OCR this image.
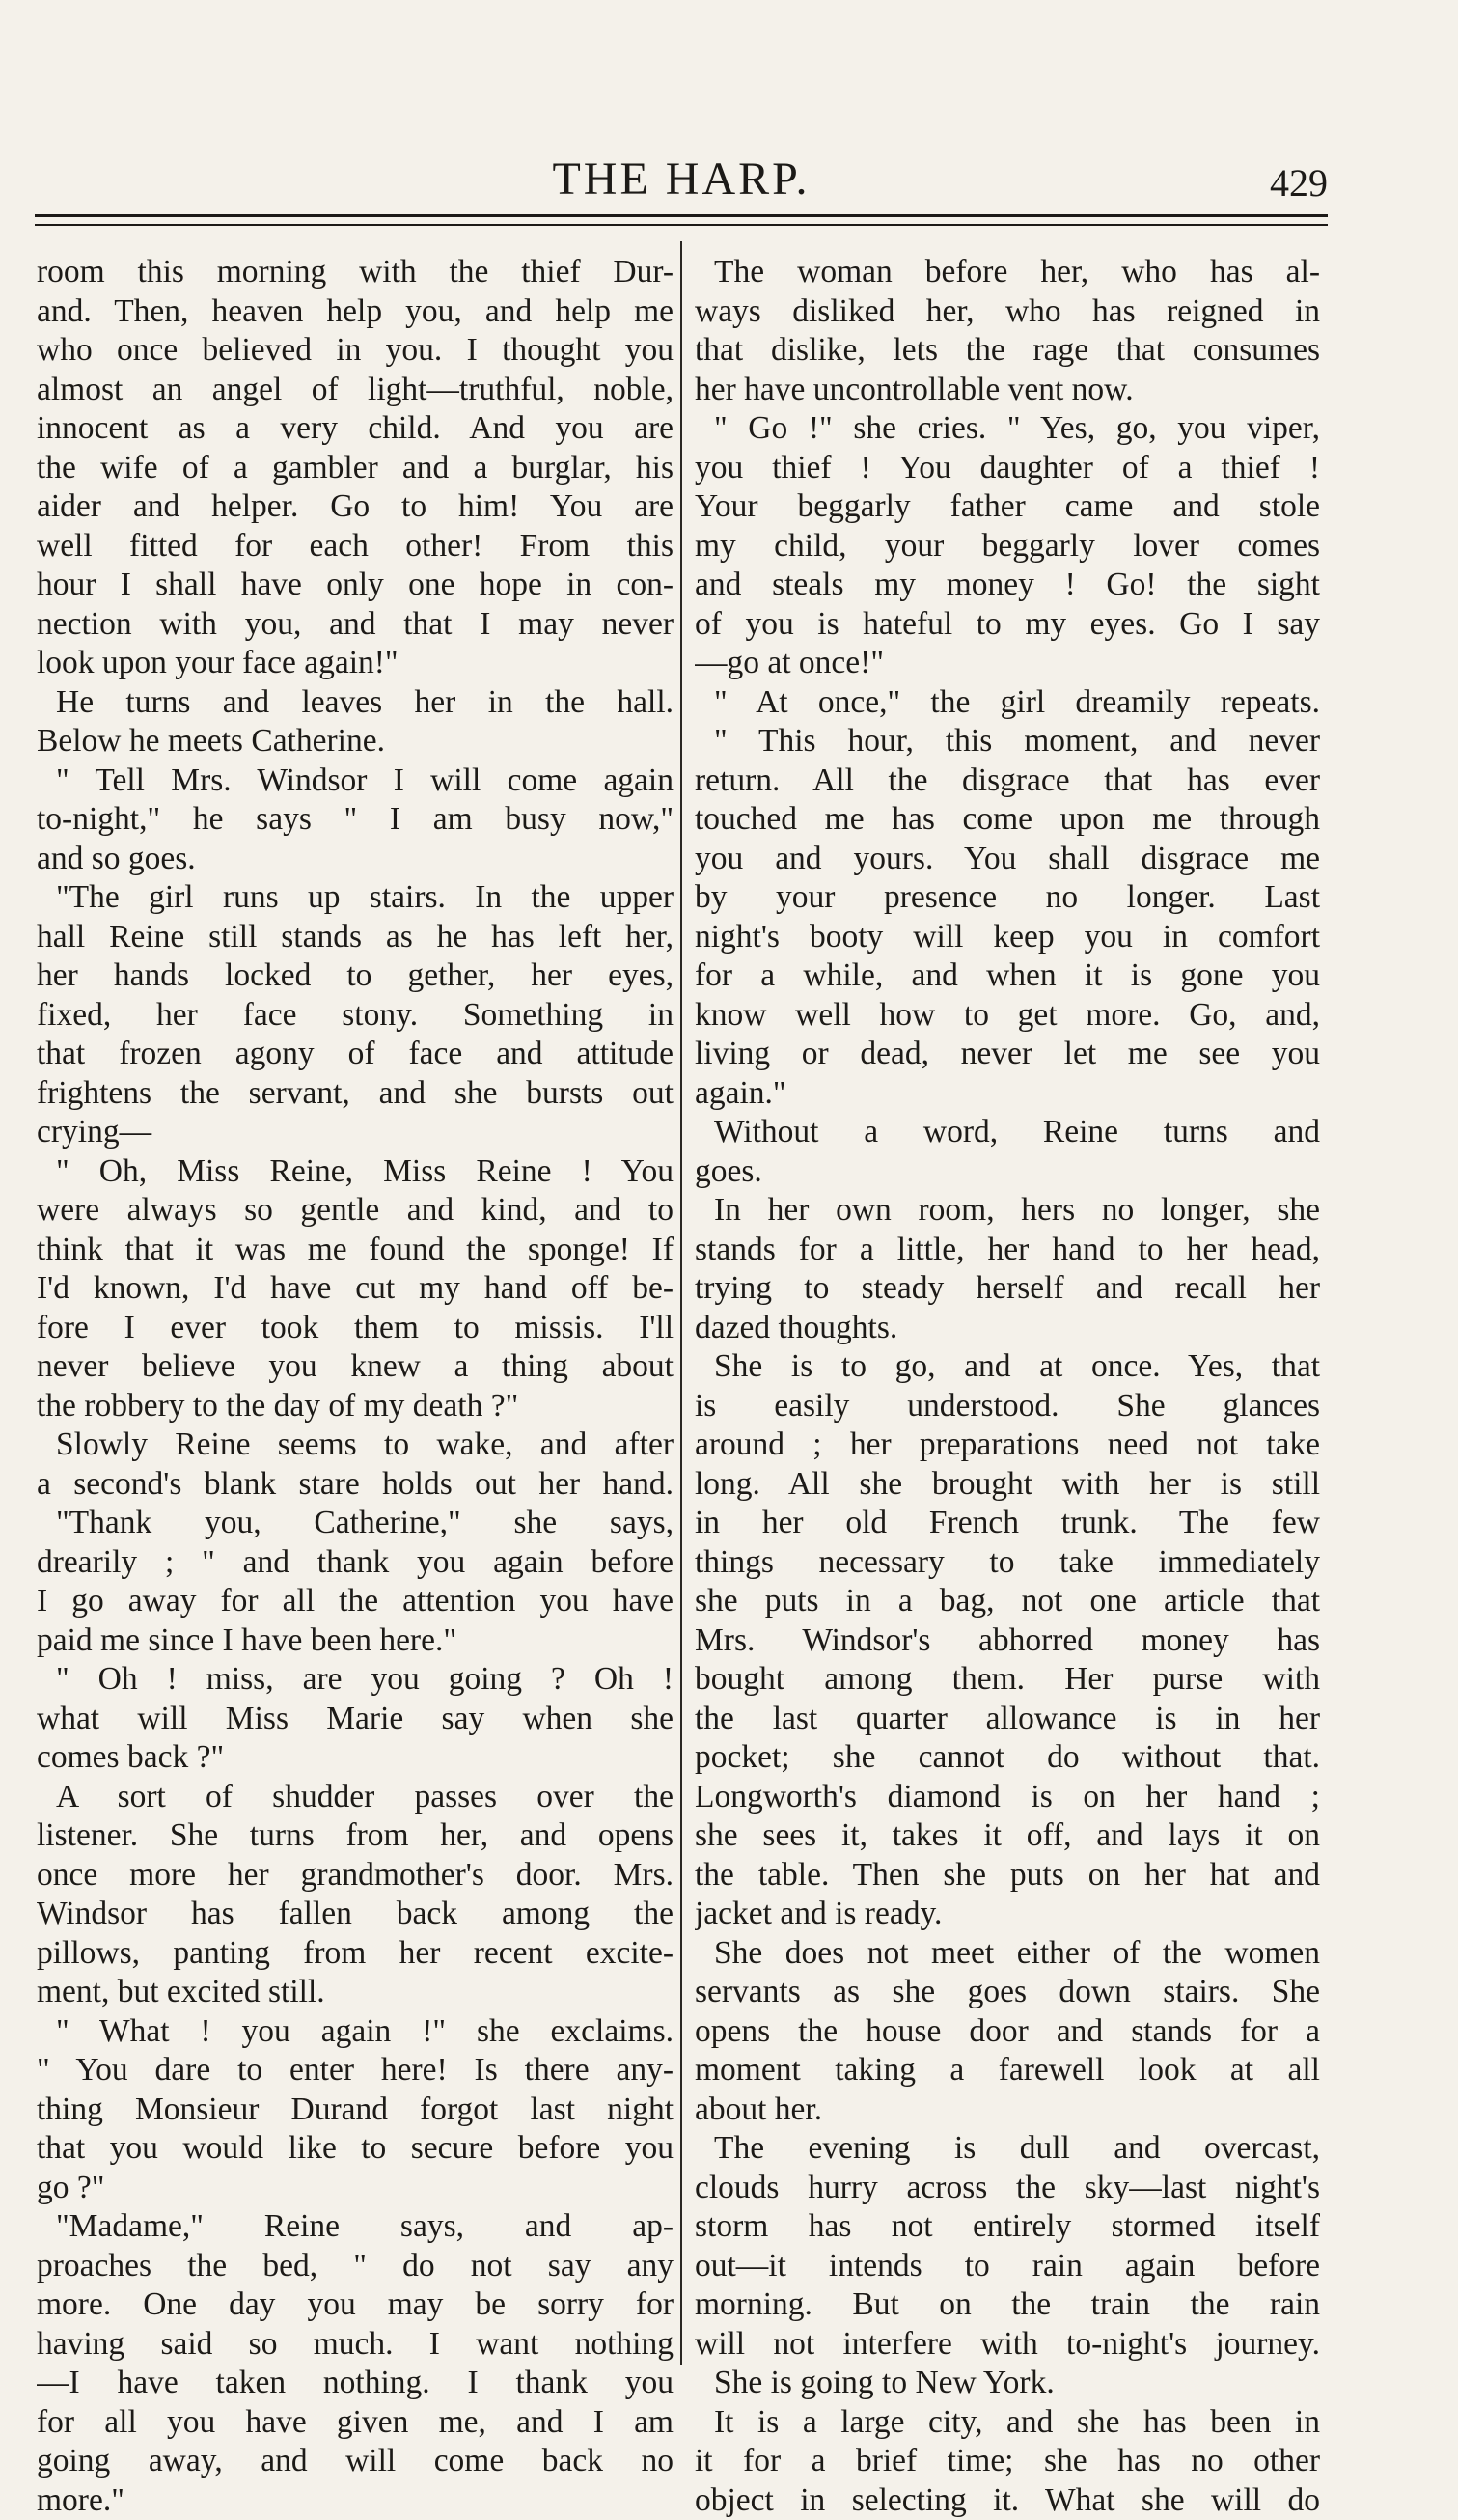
THE HARP.	429
room this morning with the thief Dur-
and. Then, heaven help you, and help me
who once believed in you. I thought you
almost an angel of light—truthful, noble,
innocent as a very child. And you are
the wife of a gambler and a burglar, his
aider and helper. Go to him! You are
well fitted for each other! From this
hour I shall have only one hope in con-
nection with you, and that I may never
look upon your face again!"
He turns and leaves her in the hall.
Below he meets Catherine.
" Tell Mrs. Windsor I will come again
to-night," he says " I am busy now,"
and so goes.
"The girl runs up stairs. In the upper
hall Reine still stands as he has left her,
her hands locked to gether, her eyes,
fixed, her face stony. Something in
that frozen agony of face and attitude
frightens the servant, and she bursts out
crying—
" Oh, Miss Reine, Miss Reine ! You
were always so gentle and kind, and to
think that it was me found the sponge! If
I'd known, I'd have cut my hand off be-
fore I ever took them to missis. I'll
never believe you knew a thing about
the robbery to the day of my death ?"
Slowly Reine seems to wake, and after
a second's blank stare holds out her hand.
"Thank you, Catherine," she says,
drearily ; " and thank you again before
I go away for all the attention you have
paid me since I have been here."
" Oh ! miss, are you going ? Oh !
what will Miss Marie say when she
comes back ?"
A sort of shudder passes over the
listener. She turns from her, and opens
once more her grandmother's door. Mrs.
Windsor has fallen back among the
pillows, panting from her recent excite-
ment, but excited still.
" What ! you again !" she exclaims.
" You dare to enter here! Is there any-
thing Monsieur Durand forgot last night
that you would like to secure before you
go ?"
"Madame," Reine says, and ap-
proaches the bed, " do not say any
more. One day you may be sorry for
having said so much. I want nothing
—I have taken nothing. I thank you
for all you have given me, and I am
going away, and will come back no
more."
The woman before her, who has al-
ways disliked her, who has reigned in
that dislike, lets the rage that consumes
her have uncontrollable vent now.
" Go !" she cries. " Yes, go, you viper,
you thief ! You daughter of a thief !
Your beggarly father came and stole
my child, your beggarly lover comes
and steals my money ! Go! the sight
of you is hateful to my eyes. Go I say
—go at once!"
" At once," the girl dreamily repeats.
" This hour, this moment, and never
return. All the disgrace that has ever
touched me has come upon me through
you and yours. You shall disgrace me
by your presence no longer. Last
night's booty will keep you in comfort
for a while, and when it is gone you
know well how to get more. Go, and,
living or dead, never let me see you
again."
Without a word, Reine turns and
goes.
In her own room, hers no longer, she
stands for a little, her hand to her head,
trying to steady herself and recall her
dazed thoughts.
She is to go, and at once. Yes, that
is easily understood. She glances
around ; her preparations need not take
long. All she brought with her is still
in her old French trunk. The few
things necessary to take immediately
she puts in a bag, not one article that
Mrs. Windsor's abhorred money has
bought among them. Her purse with
the last quarter allowance is in her
pocket; she cannot do without that.
Longworth's diamond is on her hand ;
she sees it, takes it off, and lays it on
the table. Then she puts on her hat and
jacket and is ready.
She does not meet either of the women
servants as she goes down stairs. She
opens the house door and stands for a
moment taking a farewell look at all
about her.
The evening is dull and overcast,
clouds hurry across the sky—last night's
storm has not entirely stormed itself
out—it intends to rain again before
morning. But on the train the rain
will not interfere with to-night's journey.
She is going to New York.
It is a large city, and she has been in
it for a brief time; she has no other
object in selecting it. What she will do
